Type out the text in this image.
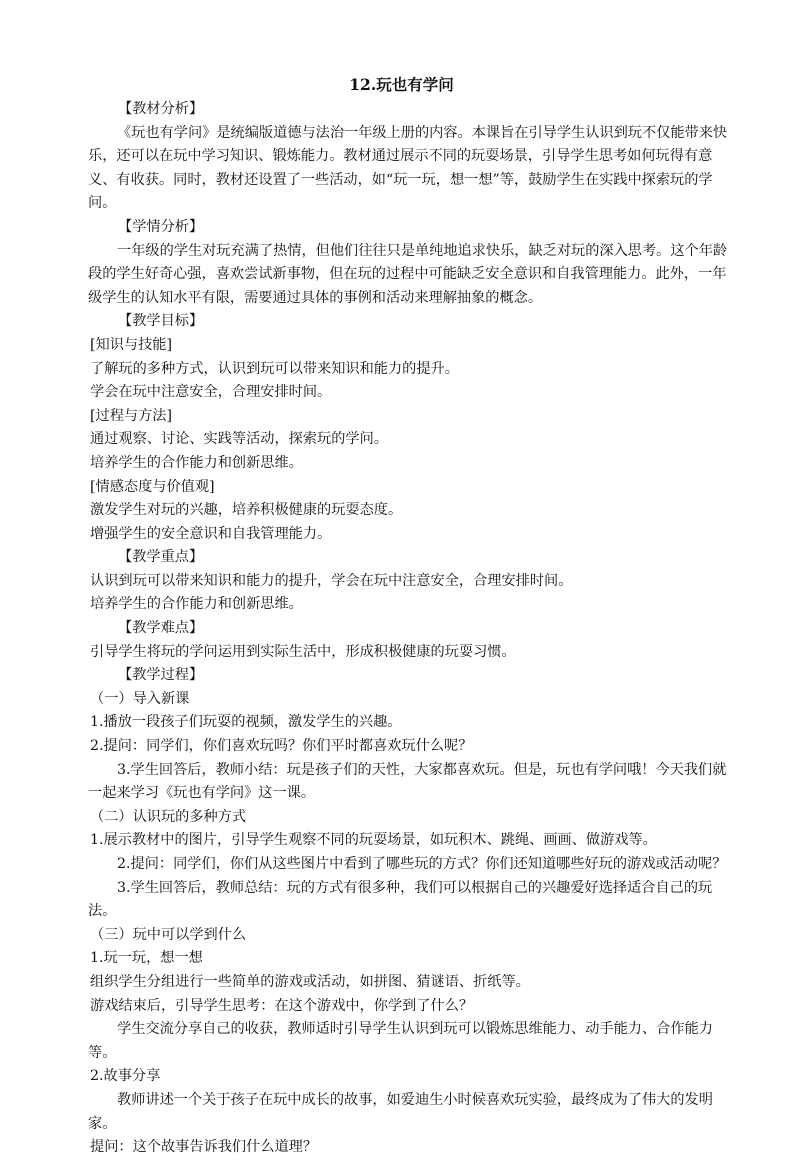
12.玩也有学问
【教材分析】

《玩也有学问》是统编版道德与法治一年级上册的内容。本课旨在引导学生认识到玩不仅能带来快乐，还可以在玩中学习知识、锻炼能力。教材通过展示不同的玩耍场景，引导学生思考如何玩得有意义、有收获。同时，教材还设置了一些活动，如“玩一玩，想一想”等，鼓励学生在实践中探索玩的学问。

【学情分析】

一年级的学生对玩充满了热情，但他们往往只是单纯地追求快乐，缺乏对玩的深入思考。这个年龄段的学生好奇心强，喜欢尝试新事物，但在玩的过程中可能缺乏安全意识和自我管理能力。此外，一年级学生的认知水平有限，需要通过具体的事例和活动来理解抽象的概念。

【教学目标】
[知识与技能]
了解玩的多种方式，认识到玩可以带来知识和能力的提升。
学会在玩中注意安全，合理安排时间。
[过程与方法]
通过观察、讨论、实践等活动，探索玩的学问。
培养学生的合作能力和创新思维。
[情感态度与价值观]
激发学生对玩的兴趣，培养积极健康的玩耍态度。
增强学生的安全意识和自我管理能力。
【教学重点】
认识到玩可以带来知识和能力的提升，学会在玩中注意安全，合理安排时间。
培养学生的合作能力和创新思维。
【教学难点】
引导学生将玩的学问运用到实际生活中，形成积极健康的玩耍习惯。
【教学过程】
（一）导入新课
1.播放一段孩子们玩耍的视频，激发学生的兴趣。
2.提问：同学们，你们喜欢玩吗？你们平时都喜欢玩什么呢？

3.学生回答后，教师小结：玩是孩子们的天性，大家都喜欢玩。但是，玩也有学问哦！今天我们就一起来学习《玩也有学问》这一课。

（二）认识玩的多种方式
1.展示教材中的图片，引导学生观察不同的玩耍场景，如玩积木、跳绳、画画、做游戏等。

2.提问：同学们，你们从这些图片中看到了哪些玩的方式？你们还知道哪些好玩的游戏或活动呢？

3.学生回答后，教师总结：玩的方式有很多种，我们可以根据自己的兴趣爱好选择适合自己的玩法。

（三）玩中可以学到什么
1.玩一玩，想一想
组织学生分组进行一些简单的游戏或活动，如拼图、猜谜语、折纸等。
游戏结束后，引导学生思考：在这个游戏中，你学到了什么？

学生交流分享自己的收获，教师适时引导学生认识到玩可以锻炼思维能力、动手能力、合作能力等。

2.故事分享

教师讲述一个关于孩子在玩中成长的故事，如爱迪生小时候喜欢玩实验，最终成为了伟大的发明家。

提问：这个故事告诉我们什么道理？
